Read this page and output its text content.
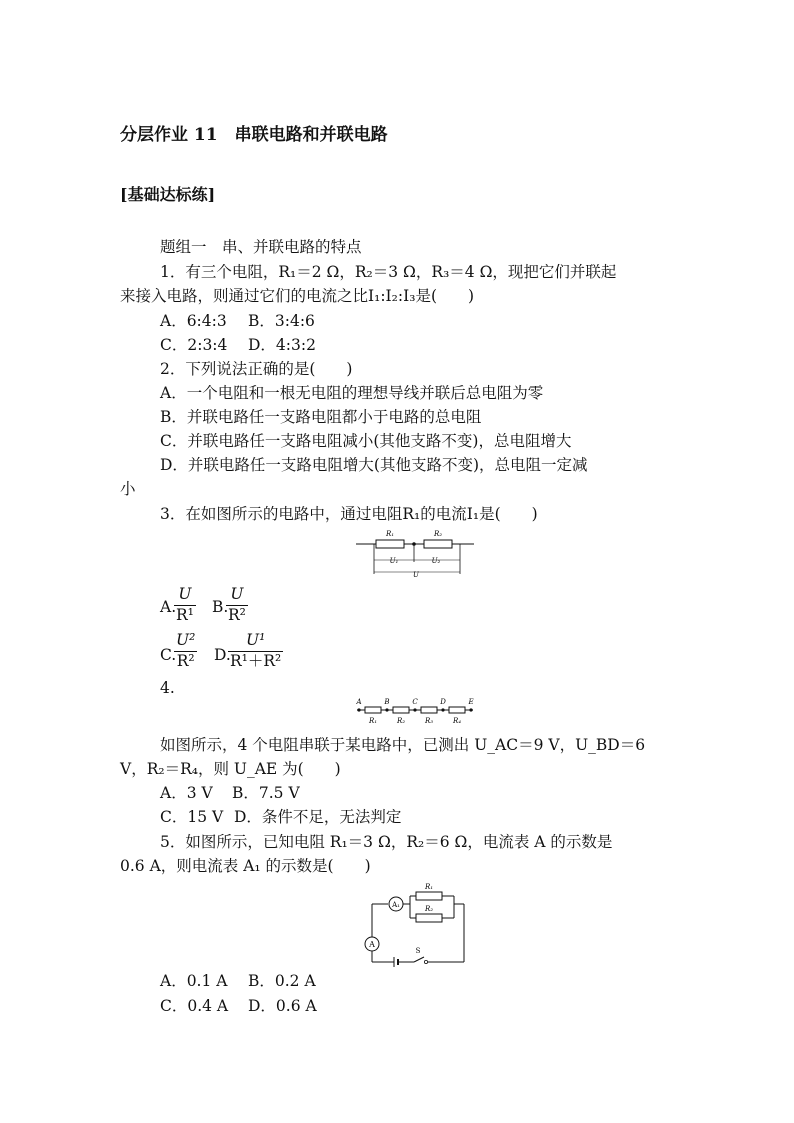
分层作业 11　串联电路和并联电路
[基础达标练]
题组一　串、并联电路的特点
1．有三个电阻，R₁＝2 Ω，R₂＝3 Ω，R₃＝4 Ω，现把它们并联起
来接入电路，则通过它们的电流之比I₁:I₂:I₃是(　　)
A．6:4:3 B．3:4:6
C．2:3:4 D．4:3:2
2．下列说法正确的是(　　)
A．一个电阻和一根无电阻的理想导线并联后总电阻为零
B．并联电路任一支路电阻都小于电路的总电阻
C．并联电路任一支路电阻减小(其他支路不变)，总电阻增大
D．并联电路任一支路电阻增大(其他支路不变)，总电阻一定减
小
3．在如图所示的电路中，通过电阻R₁的电流I₁是(　　)
R₁	R₂
U₁	U₂
U
A.
U
R¹ B.
U
R²
C.
U²
R² D.
U¹
R¹＋R²
4.
A	B	C	D	E
R₁	R₂	R₃	R₄
如图所示，4 个电阻串联于某电路中，已测出 U_AC＝9 V，U_BD＝6
V，R₂＝R₄，则 U_AE 为(　　)
A．3 V B．7.5 V
C．15 V D．条件不足，无法判定
5．如图所示，已知电阻 R₁＝3 Ω，R₂＝6 Ω，电流表 A 的示数是
0.6 A，则电流表 A₁ 的示数是(　　)
A₁
R₁
R₂
A
S
A．0.1 A B．0.2 A
C．0.4 A D．0.6 A
